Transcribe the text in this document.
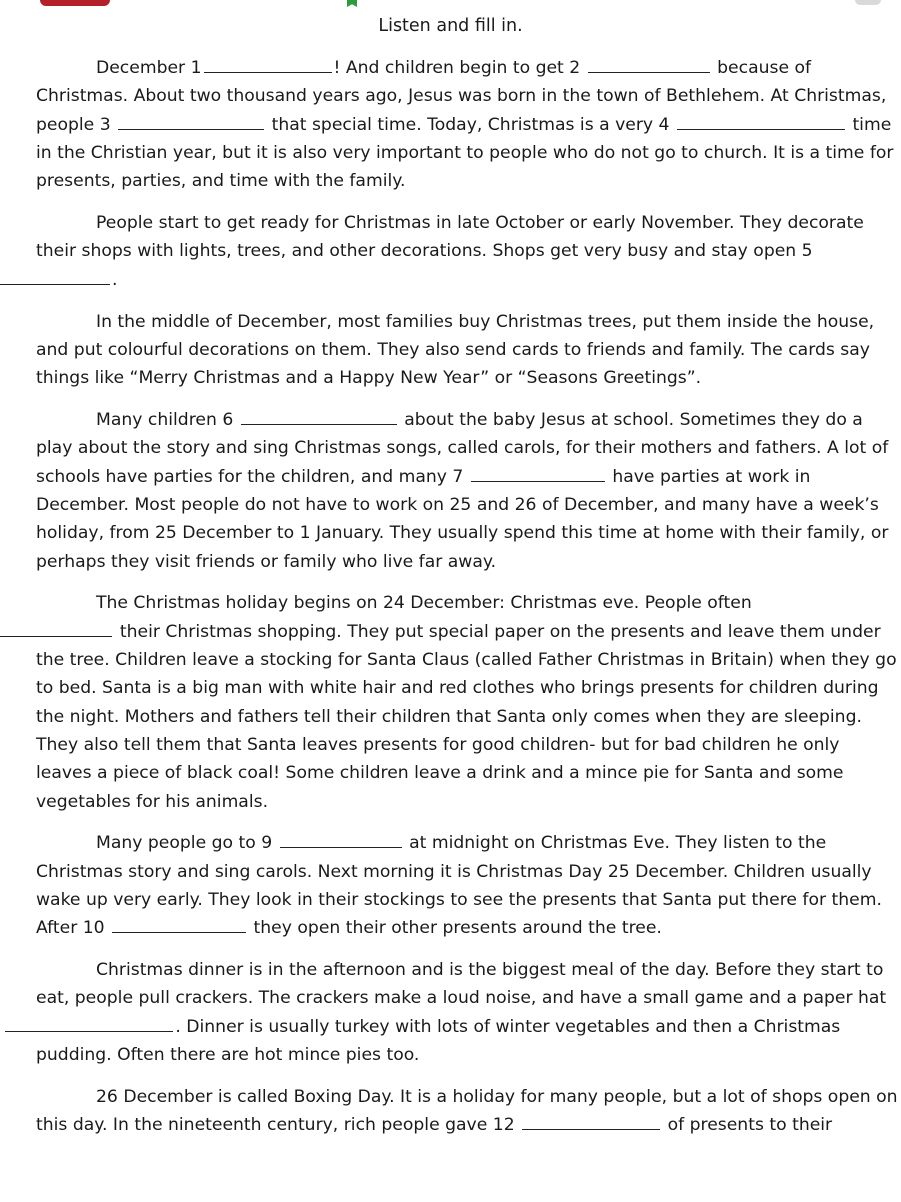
Listen and fill in.

December 1	! And children begin to get 2	because of Christmas. About two thousand years ago, Jesus was born in the town of Bethlehem. At Christmas, people 3	that special time. Today, Christmas is a very 4	time in the Christian year, but it is also very important to people who do not go to church. It is a time for presents, parties, and time with the family.

People start to get ready for Christmas in late October or early November. They decorate their shops with lights, trees, and other decorations. Shops get very busy and stay open 5
.

In the middle of December, most families buy Christmas trees, put them inside the house, and put colourful decorations on them. They also send cards to friends and family. The cards say things like “Merry Christmas and a Happy New Year” or “Seasons Greetings”.

Many children 6	about the baby Jesus at school. Sometimes they do a play about the story and sing Christmas songs, called carols, for their mothers and fathers. A lot of schools have parties for the children, and many 7	have parties at work in December. Most people do not have to work on 25 and 26 of December, and many have a week’s holiday, from 25 December to 1 January. They usually spend this time at home with their family, or perhaps they visit friends or family who live far away.

The Christmas holiday begins on 24 December: Christmas eve. People often
their Christmas shopping. They put special paper on the presents and leave them under the tree. Children leave a stocking for Santa Claus (called Father Christmas in Britain) when they go to bed. Santa is a big man with white hair and red clothes who brings presents for children during the night. Mothers and fathers tell their children that Santa only comes when they are sleeping. They also tell them that Santa leaves presents for good children- but for bad children he only leaves a piece of black coal! Some children leave a drink and a mince pie for Santa and some vegetables for his animals.

Many people go to 9	at midnight on Christmas Eve. They listen to the Christmas story and sing carols. Next morning it is Christmas Day 25 December. Children usually wake up very early. They look in their stockings to see the presents that Santa put there for them. After 10	they open their other presents around the tree.

Christmas dinner is in the afternoon and is the biggest meal of the day. Before they start to eat, people pull crackers. The crackers make a loud noise, and have a small game and a paper hat
. Dinner is usually turkey with lots of winter vegetables and then a Christmas pudding. Often there are hot mince pies too.

26 December is called Boxing Day. It is a holiday for many people, but a lot of shops open on this day. In the nineteenth century, rich people gave 12	of presents to their
